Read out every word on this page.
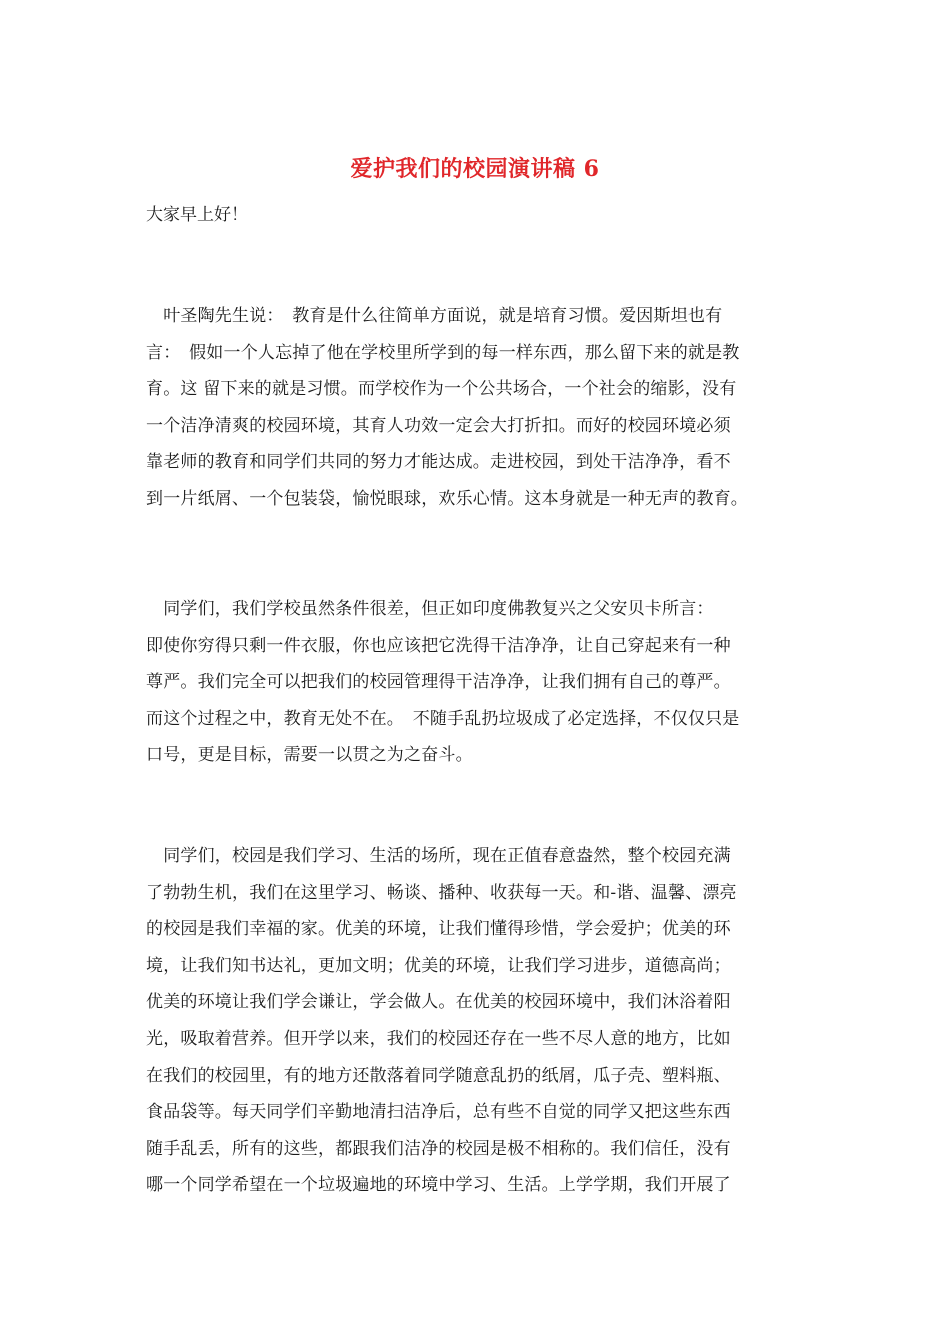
爱护我们的校园演讲稿 6
大家早上好！
　叶圣陶先生说：　教育是什么往简单方面说，就是培育习惯。爱因斯坦也有
言：　假如一个人忘掉了他在学校里所学到的每一样东西，那么留下来的就是教
育。这 留下来的就是习惯。而学校作为一个公共场合，一个社会的缩影，没有
一个洁净清爽的校园环境，其育人功效一定会大打折扣。而好的校园环境必须
靠老师的教育和同学们共同的努力才能达成。走进校园，到处干洁净净，看不
到一片纸屑、一个包装袋，愉悦眼球，欢乐心情。这本身就是一种无声的教育。
　同学们，我们学校虽然条件很差，但正如印度佛教复兴之父安贝卡所言：
即使你穷得只剩一件衣服，你也应该把它洗得干洁净净，让自己穿起来有一种
尊严。我们完全可以把我们的校园管理得干洁净净，让我们拥有自己的尊严。
而这个过程之中，教育无处不在。　不随手乱扔垃圾成了必定选择，不仅仅只是
口号，更是目标，需要一以贯之为之奋斗。
　同学们，校园是我们学习、生活的场所，现在正值春意盎然，整个校园充满
了勃勃生机，我们在这里学习、畅谈、播种、收获每一天。和-谐、温馨、漂亮
的校园是我们幸福的家。优美的环境，让我们懂得珍惜，学会爱护；优美的环
境，让我们知书达礼，更加文明；优美的环境，让我们学习进步，道德高尚；
优美的环境让我们学会谦让，学会做人。在优美的校园环境中，我们沐浴着阳
光，吸取着营养。但开学以来，我们的校园还存在一些不尽人意的地方，比如
在我们的校园里，有的地方还散落着同学随意乱扔的纸屑，瓜子壳、塑料瓶、
食品袋等。每天同学们辛勤地清扫洁净后，总有些不自觉的同学又把这些东西
随手乱丢，所有的这些，都跟我们洁净的校园是极不相称的。我们信任，没有
哪一个同学希望在一个垃圾遍地的环境中学习、生活。上学学期，我们开展了
